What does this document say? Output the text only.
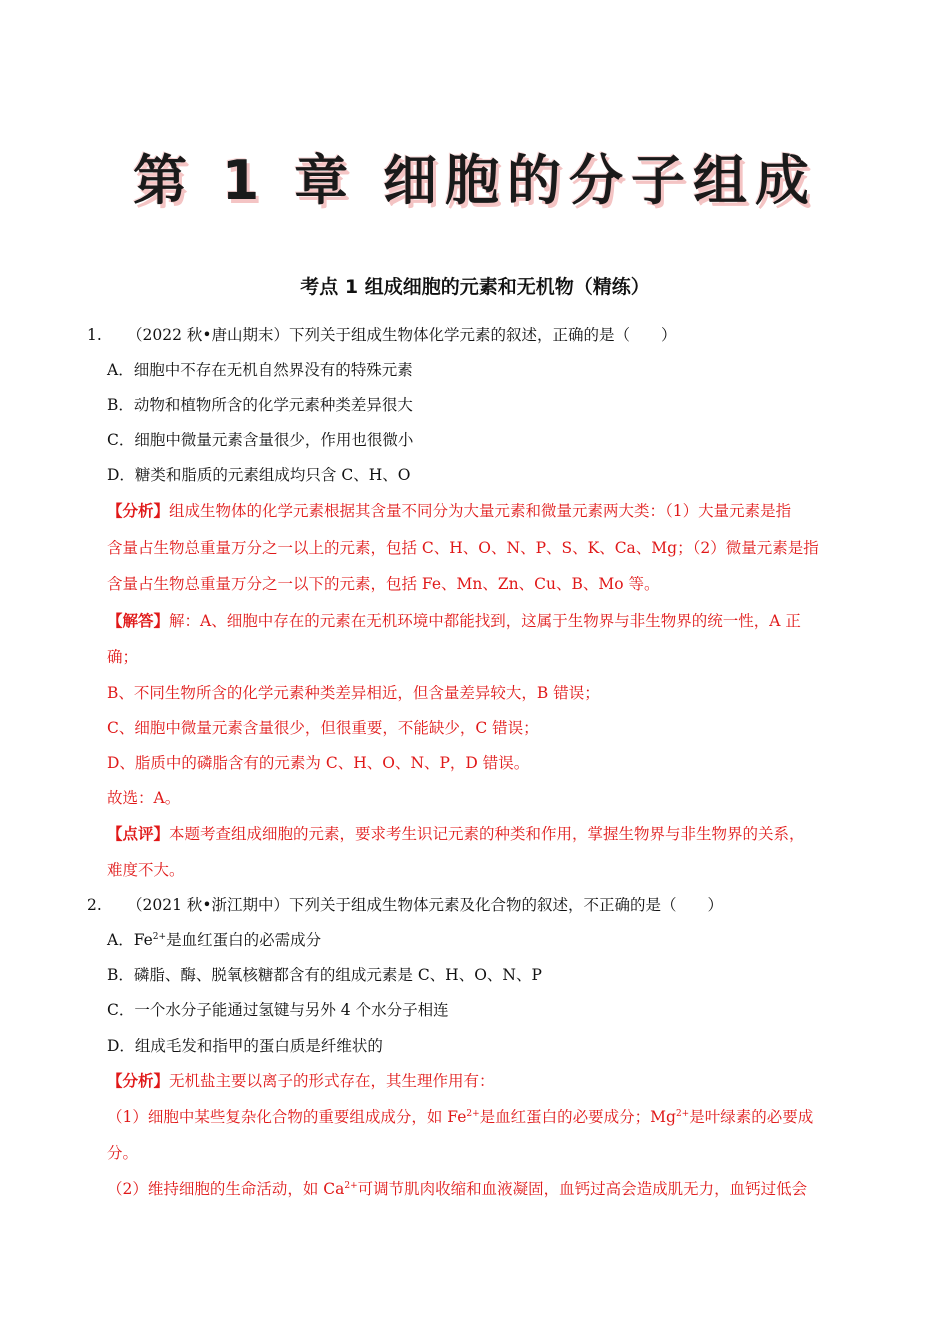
第 1 章 细胞的分子组成
考点 1 组成细胞的元素和无机物（精练）
1. （2022 秋•唐山期末）下列关于组成生物体化学元素的叙述，正确的是（　　）
A．细胞中不存在无机自然界没有的特殊元素
B．动物和植物所含的化学元素种类差异很大
C．细胞中微量元素含量很少，作用也很微小
D．糖类和脂质的元素组成均只含 C、H、O
【分析】组成生物体的化学元素根据其含量不同分为大量元素和微量元素两大类：（1）大量元素是指
含量占生物总重量万分之一以上的元素，包括 C、H、O、N、P、S、K、Ca、Mg；（2）微量元素是指
含量占生物总重量万分之一以下的元素，包括 Fe、Mn、Zn、Cu、B、Mo 等。
【解答】解：A、细胞中存在的元素在无机环境中都能找到，这属于生物界与非生物界的统一性，A 正
确；
B、不同生物所含的化学元素种类差异相近，但含量差异较大，B 错误；
C、细胞中微量元素含量很少，但很重要，不能缺少，C 错误；
D、脂质中的磷脂含有的元素为 C、H、O、N、P，D 错误。
故选：A。
【点评】本题考查组成细胞的元素，要求考生识记元素的种类和作用，掌握生物界与非生物界的关系，
难度不大。
2. （2021 秋•浙江期中）下列关于组成生物体元素及化合物的叙述，不正确的是（　　）
A．$Fe^{2+}$是血红蛋白的必需成分
B．磷脂、酶、脱氧核糖都含有的组成元素是 C、H、O、N、P
C．一个水分子能通过氢键与另外 4 个水分子相连
D．组成毛发和指甲的蛋白质是纤维状的
【分析】无机盐主要以离子的形式存在，其生理作用有：
（1）细胞中某些复杂化合物的重要组成成分，如 $Fe^{2+}$是血红蛋白的必要成分；$Mg^{2+}$是叶绿素的必要成
分。
（2）维持细胞的生命活动，如 $Ca^{2+}$可调节肌肉收缩和血液凝固，血钙过高会造成肌无力，血钙过低会
